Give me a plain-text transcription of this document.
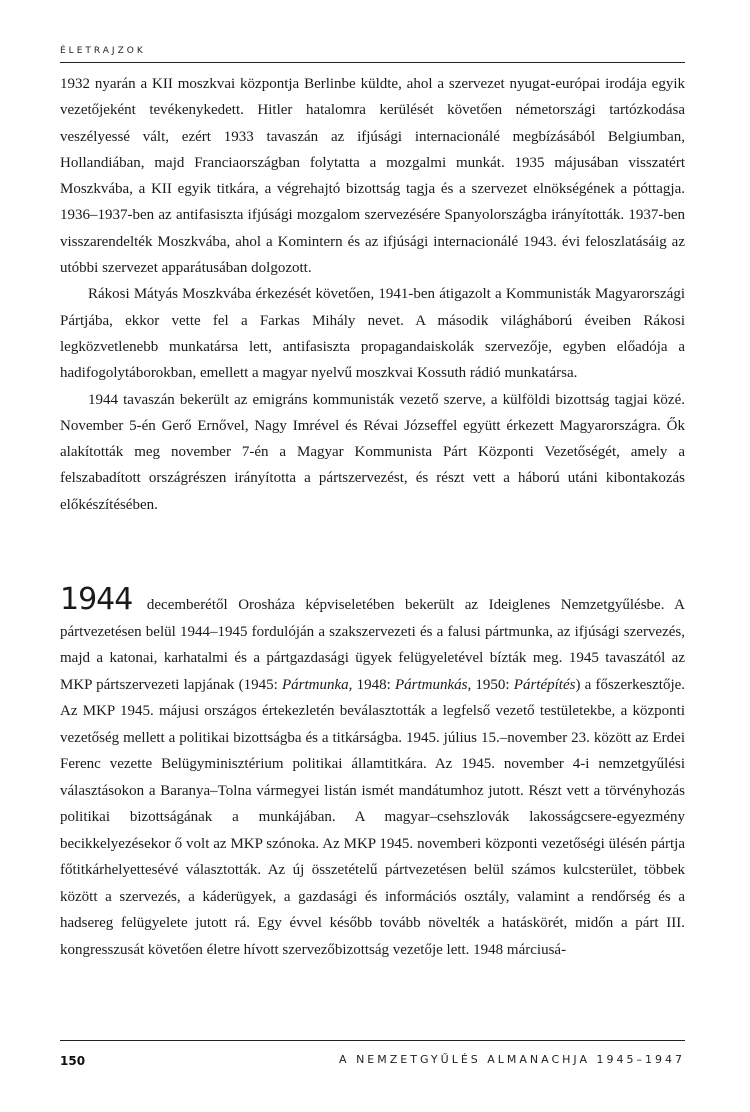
ÉLETRAJZOK

1932 nyarán a KII moszkvai központja Berlinbe küldte, ahol a szervezet nyugat-európai irodája egyik vezetőjeként tevékenykedett. Hitler hatalomra kerülését követően németországi tartózkodása veszélyessé vált, ezért 1933 tavaszán az ifjúsági internacionálé megbízásából Belgiumban, Hollandiában, majd Franciaországban folytatta a mozgalmi munkát. 1935 májusában visszatért Moszkvába, a KII egyik titkára, a végrehajtó bizottság tagja és a szervezet elnökségének a póttagja. 1936–1937-ben az antifasiszta ifjúsági mozgalom szervezésére Spanyolországba irányították. 1937-ben visszarendelték Moszkvába, ahol a Komintern és az ifjúsági internacionálé 1943. évi feloszlatásáig az utóbbi szervezet apparátusában dolgozott.

Rákosi Mátyás Moszkvába érkezését követően, 1941-ben átigazolt a Kommunisták Magyarországi Pártjába, ekkor vette fel a Farkas Mihály nevet. A második világháború éveiben Rákosi legközvetlenebb munkatársa lett, antifasiszta propagandaiskolák szervezője, egyben előadója a hadifogolytáborokban, emellett a magyar nyelvű moszkvai Kossuth rádió munkatársa.

1944 tavaszán bekerült az emigráns kommunisták vezető szerve, a külföldi bizottság tagjai közé. November 5-én Gerő Ernővel, Nagy Imrével és Révai Józseffel együtt érkezett Magyarországra. Ők alakították meg november 7-én a Magyar Kommunista Párt Központi Vezetőségét, amely a felszabadított országrészen irányította a pártszervezést, és részt vett a háború utáni kibontakozás előkészítésében.

1944 decemberétől Orosháza képviseletében bekerült az Ideiglenes Nemzetgyűlésbe. A pártvezetésen belül 1944–1945 fordulóján a szakszervezeti és a falusi pártmunka, az ifjúsági szervezés, majd a katonai, karhatalmi és a pártgazdasági ügyek felügyeletével bízták meg. 1945 tavaszától az MKP pártszervezeti lapjának (1945: Pártmunka, 1948: Pártmunkás, 1950: Pártépítés) a főszerkesztője. Az MKP 1945. májusi országos értekezletén beválasztották a legfelső vezető testületekbe, a központi vezetőség mellett a politikai bizottságba és a titkárságba. 1945. július 15.–november 23. között az Erdei Ferenc vezette Belügyminisztérium politikai államtitkára. Az 1945. november 4-i nemzetgyűlési választásokon a Baranya–Tolna vármegyei listán ismét mandátumhoz jutott. Részt vett a törvényhozás politikai bizottságának a munkájában. A magyar–csehszlovák lakosságcsere-egyezmény becikkelyezésekor ő volt az MKP szónoka. Az MKP 1945. novemberi központi vezetőségi ülésén pártja főtitkárhelyettesévé választották. Az új összetételű pártvezetésen belül számos kulcsterület, többek között a szervezés, a káderügyek, a gazdasági és információs osztály, valamint a rendőrség és a hadsereg felügyelete jutott rá. Egy évvel később tovább növelték a hatáskörét, midőn a párt III. kongresszusát követően életre hívott szervezőbizottság vezetője lett. 1948 márciusá-

150	A NEMZETGYŰLÉS ALMANACHJA 1945–1947
